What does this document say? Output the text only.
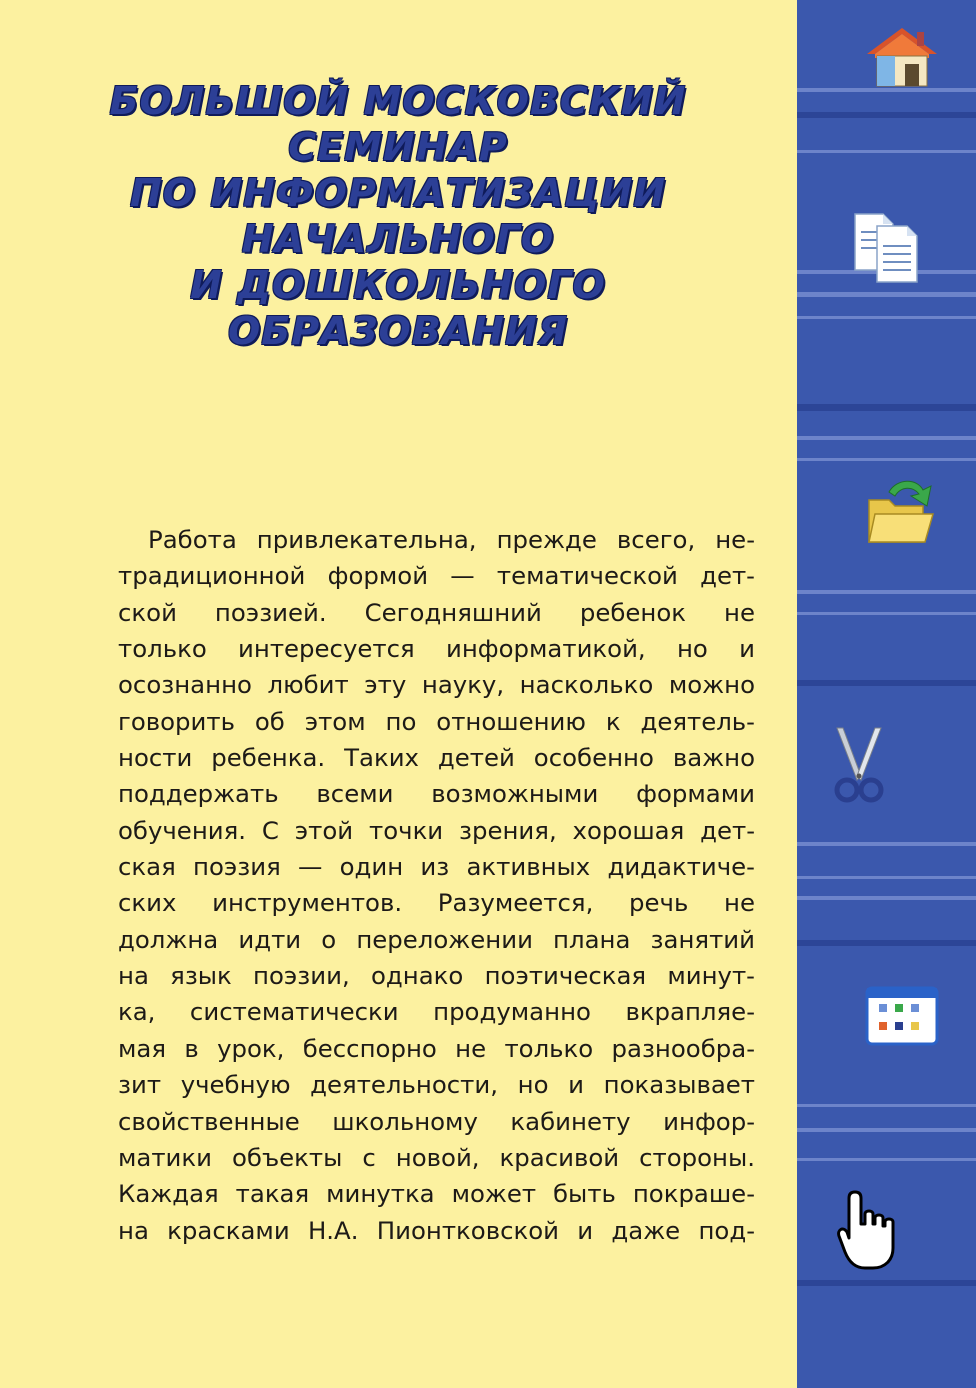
БОЛЬШОЙ МОСКОВСКИЙ
СЕМИНАР
ПО ИНФОРМАТИЗАЦИИ
НАЧАЛЬНОГО
И ДОШКОЛЬНОГО
ОБРАЗОВАНИЯ

Работа привлекательна, прежде всего, не-
традиционной формой — тематической дет-
ской поэзией. Сегодняшний ребенок не
только интересуется информатикой, но и
осознанно любит эту науку, насколько можно
говорить об этом по отношению к деятель-
ности ребенка. Таких детей особенно важно
поддержать всеми возможными формами
обучения. С этой точки зрения, хорошая дет-
ская поэзия — один из активных дидактиче-
ских инструментов. Разумеется, речь не
должна идти о переложении плана занятий
на язык поэзии, однако поэтическая минут-
ка, систематически продуманно вкрапляе-
мая в урок, бесспорно не только разнообра-
зит учебную деятельности, но и показывает
свойственные школьному кабинету инфор-
матики объекты с новой, красивой стороны.
Каждая такая минутка может быть покраше-
на красками Н.А. Пионтковской и даже под-
